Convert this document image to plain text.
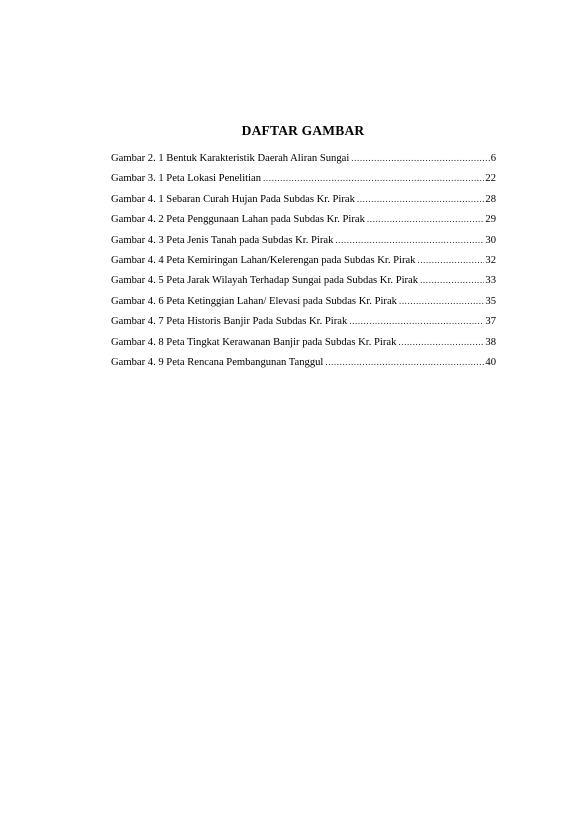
DAFTAR GAMBAR
Gambar 2. 1 Bentuk Karakteristik Daerah Aliran Sungai .....	6
Gambar 3. 1 Peta Lokasi Penelitian .....	22
Gambar 4. 1 Sebaran Curah Hujan Pada Subdas Kr. Pirak .....	28
Gambar 4. 2 Peta Penggunaan Lahan pada Subdas Kr. Pirak .....	29
Gambar 4. 3 Peta Jenis Tanah pada Subdas Kr. Pirak .....	30
Gambar 4. 4 Peta Kemiringan Lahan/Kelerengan pada Subdas Kr. Pirak .....	32
Gambar 4. 5 Peta Jarak Wilayah Terhadap Sungai pada Subdas Kr. Pirak .....	33
Gambar 4. 6 Peta Ketinggian Lahan/ Elevasi pada Subdas Kr. Pirak .....	35
Gambar 4. 7 Peta Historis Banjir Pada Subdas Kr. Pirak .....	37
Gambar 4. 8 Peta Tingkat Kerawanan Banjir pada Subdas Kr. Pirak .....	38
Gambar 4. 9 Peta Rencana Pembangunan Tanggul .....	40
